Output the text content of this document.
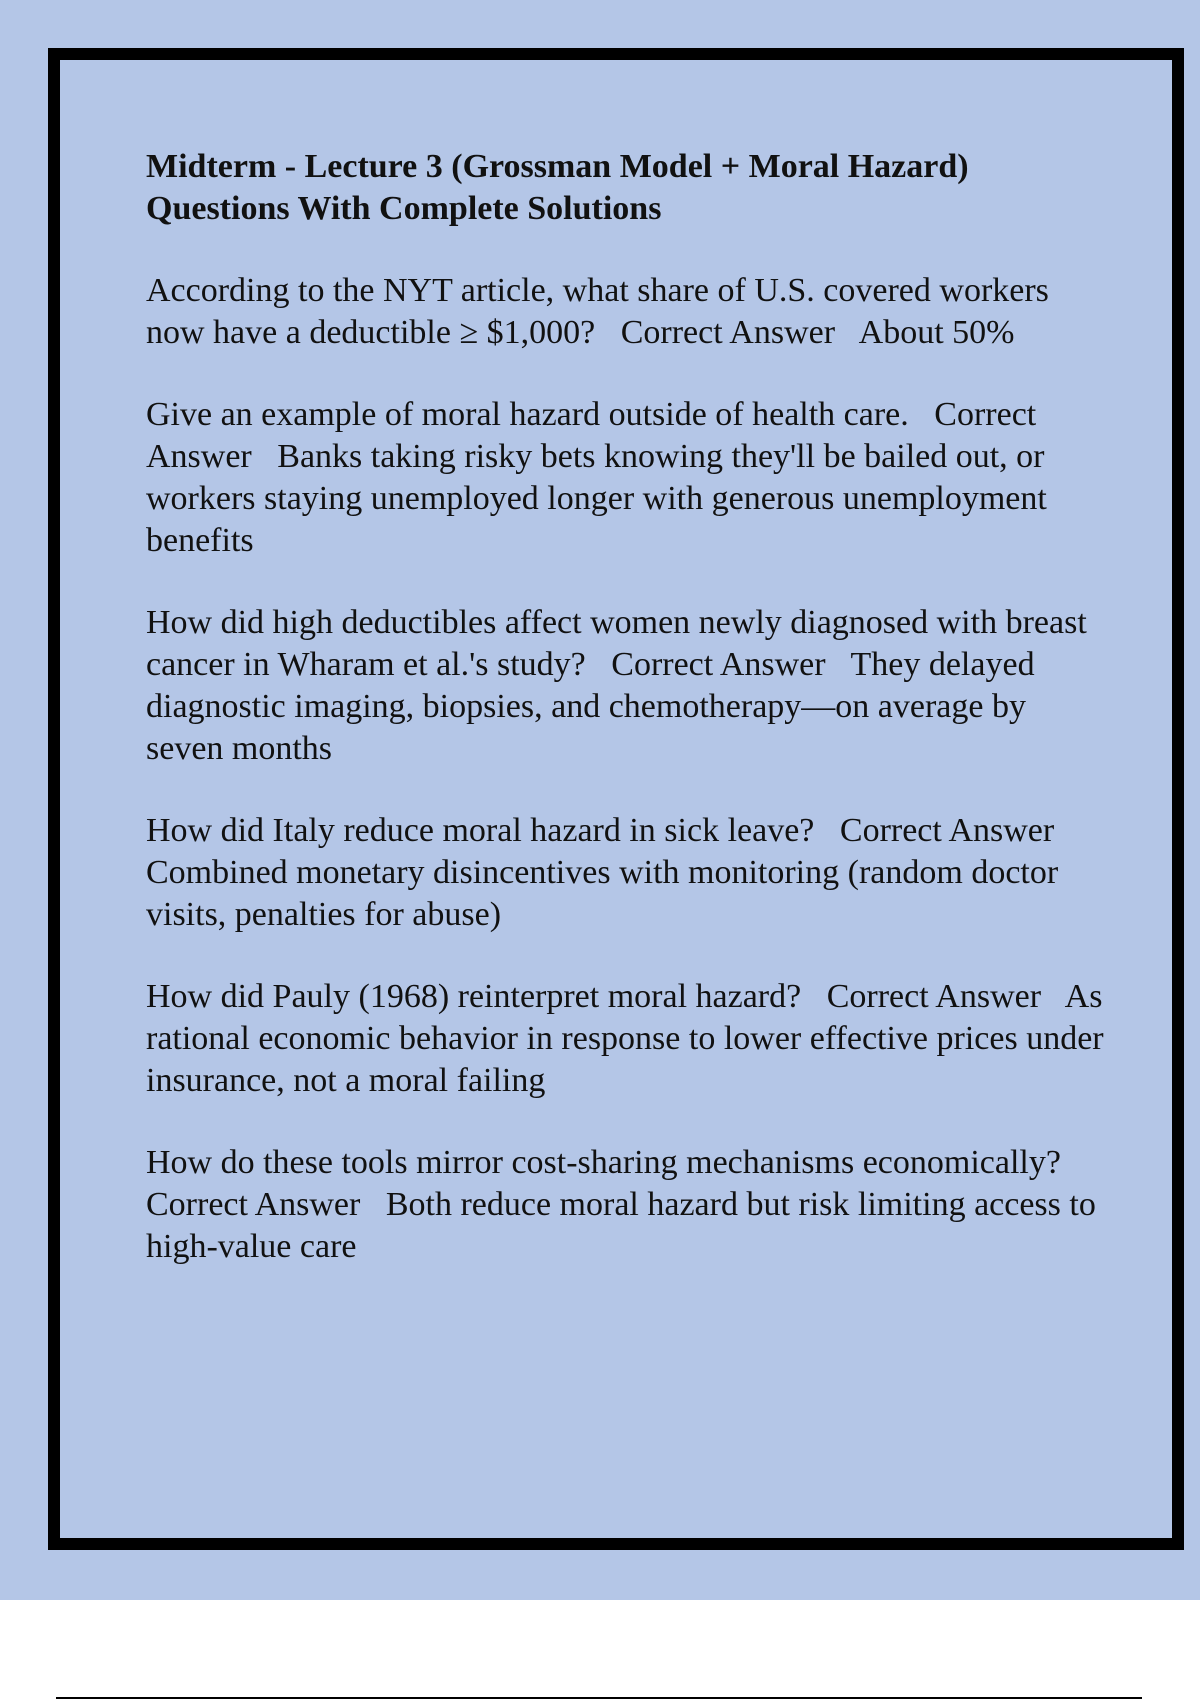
Midterm - Lecture 3 (Grossman Model + Moral Hazard)
Questions With Complete Solutions
According to the NYT article, what share of U.S. covered workers now have a deductible ≥ $1,000? Correct Answer About 50%
Give an example of moral hazard outside of health care. Correct Answer Banks taking risky bets knowing they'll be bailed out, or workers staying unemployed longer with generous unemployment benefits
How did high deductibles affect women newly diagnosed with breast cancer in Wharam et al.'s study? Correct Answer They delayed diagnostic imaging, biopsies, and chemotherapy—on average by seven months
How did Italy reduce moral hazard in sick leave? Correct Answer   Combined monetary disincentives with monitoring (random doctor visits, penalties for abuse)
How did Pauly (1968) reinterpret moral hazard? Correct Answer As rational economic behavior in response to lower effective prices under insurance, not a moral failing
How do these tools mirror cost-sharing mechanisms economically?   Correct Answer Both reduce moral hazard but risk limiting access to high-value care
